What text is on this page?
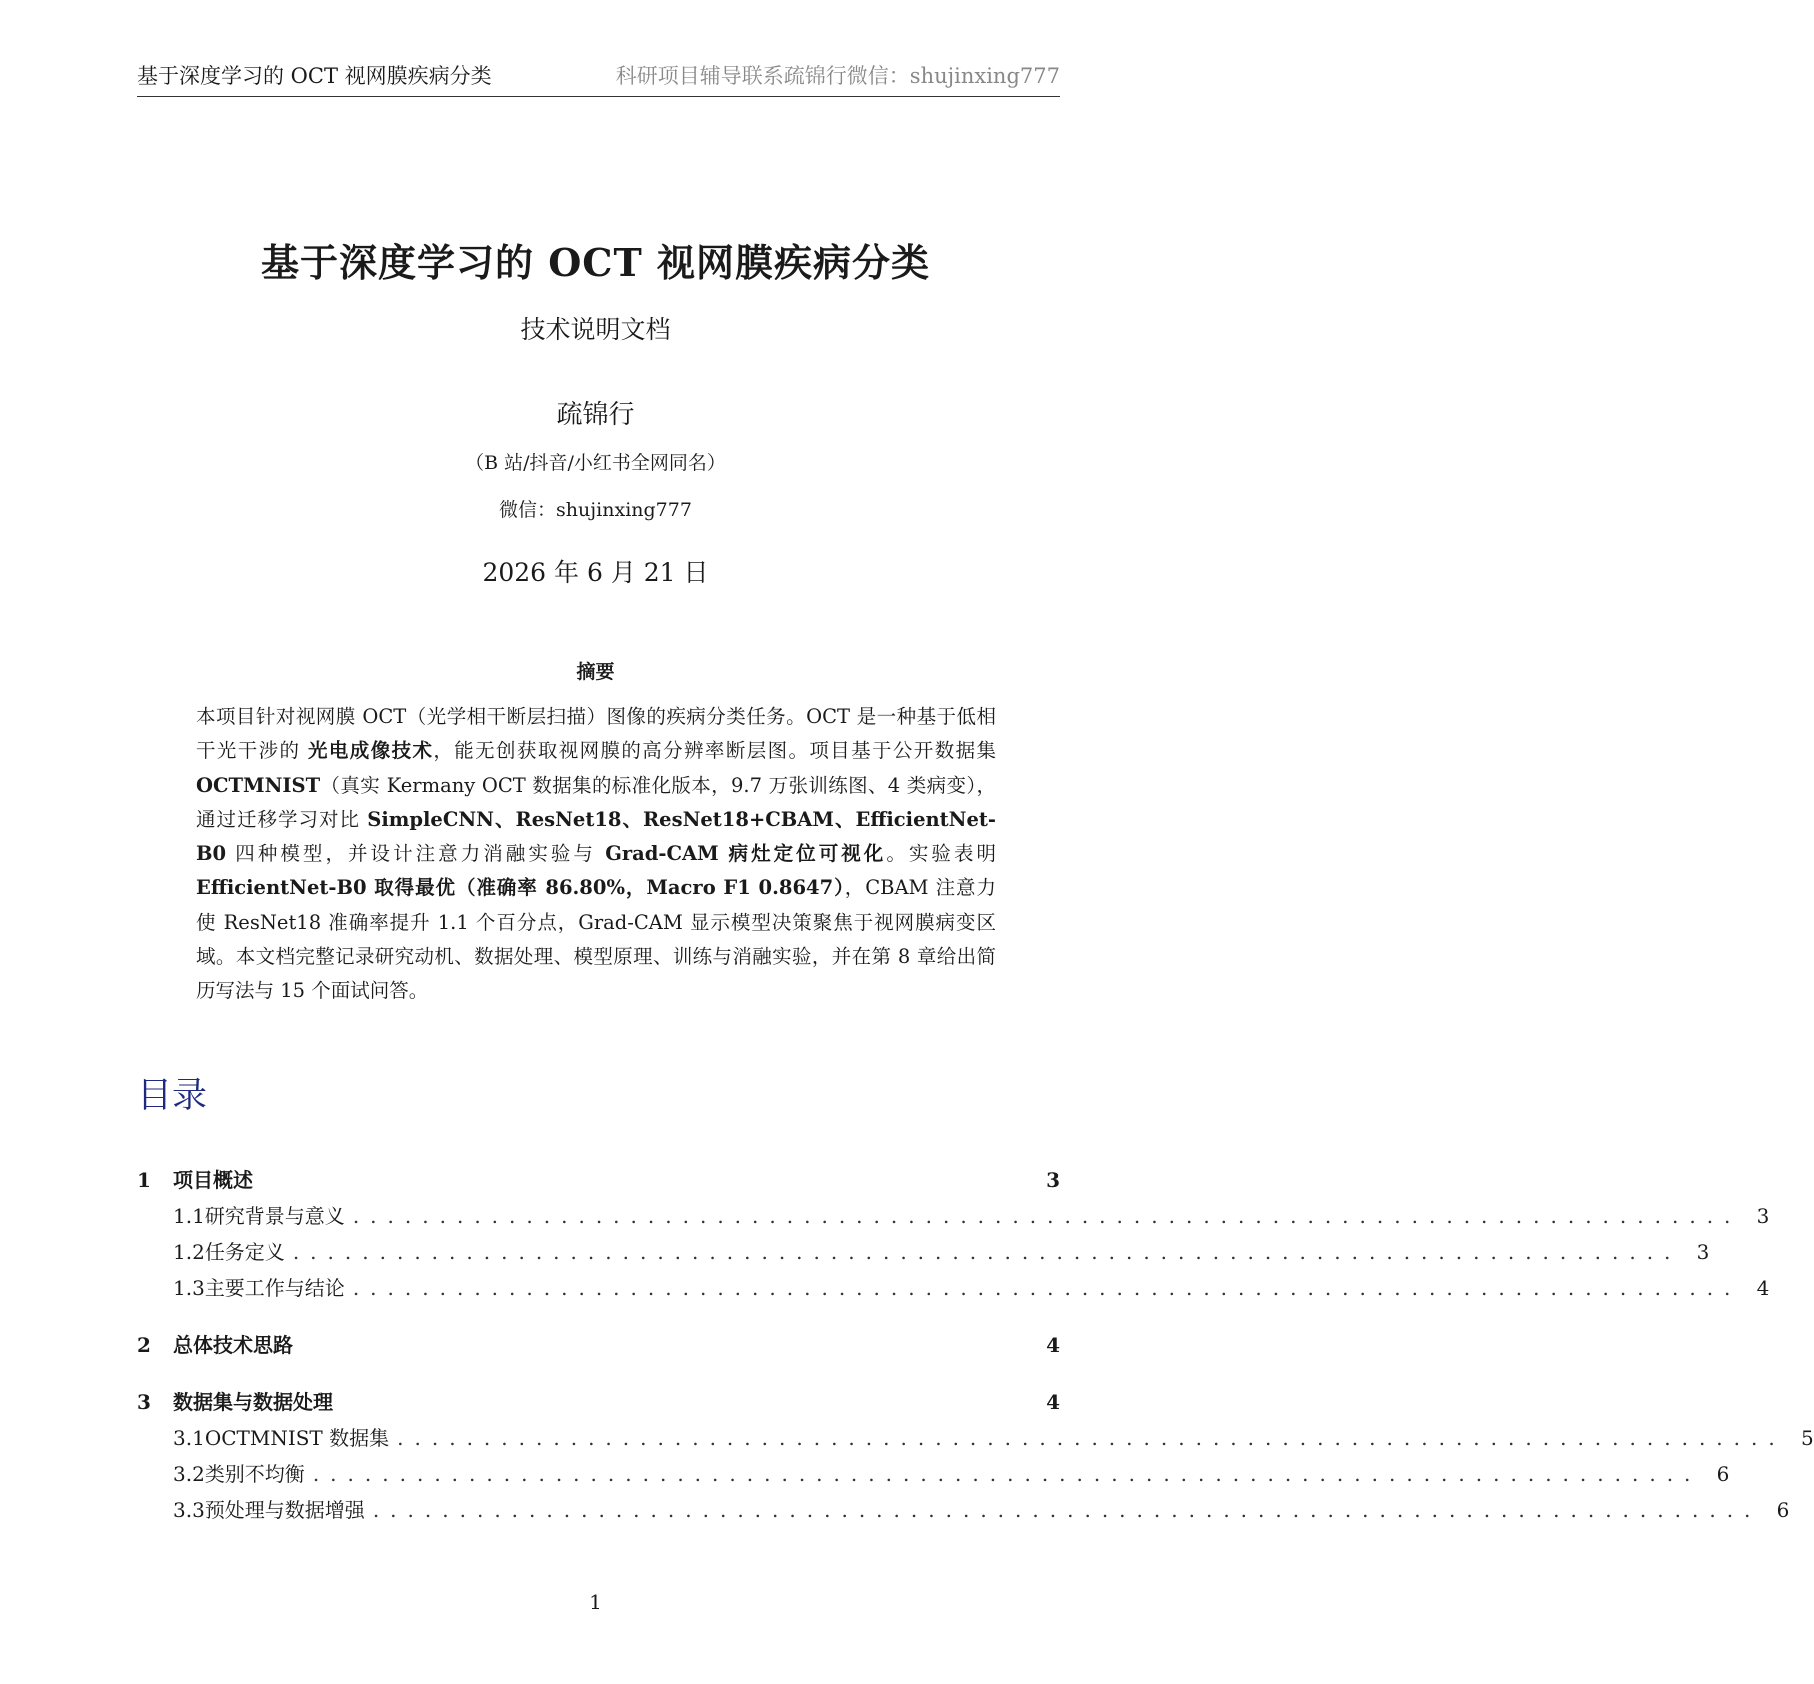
基于深度学习的 OCT 视网膜疾病分类	科研项目辅导联系疏锦行微信：shujinxing777
基于深度学习的 OCT 视网膜疾病分类
技术说明文档
疏锦行
（B 站/抖音/小红书全网同名）
微信：shujinxing777
2026 年 6 月 21 日
摘要

本项目针对视网膜 OCT（光学相干断层扫描）图像的疾病分类任务。OCT 是一种基于低相干光干涉的 光电成像技术，能无创获取视网膜的高分辨率断层图。项目基于公开数据集 OCTMNIST（真实 Kermany OCT 数据集的标准化版本，9.7 万张训练图、4 类病变），通过迁移学习对比 SimpleCNN、ResNet18、ResNet18+CBAM、EfficientNet-B0 四种模型，并设计注意力消融实验与 Grad-CAM 病灶定位可视化。实验表明 EfficientNet-B0 取得最优（准确率 86.80%，Macro F1 0.8647），CBAM 注意力使 ResNet18 准确率提升 1.1 个百分点，Grad-CAM 显示模型决策聚焦于视网膜病变区域。本文档完整记录研究动机、数据处理、模型原理、训练与消融实验，并在第 8 章给出简历写法与 15 个面试问答。

目录
1	项目概述	3
1.1 研究背景与意义 ................................................................................ 3
1.2 任务定义 ................................................................................ 3
1.3 主要工作与结论 ................................................................................ 4
2	总体技术思路	4
3	数据集与数据处理	4
3.1 OCTMNIST 数据集 ................................................................................ 5
3.2 类别不均衡 ................................................................................ 6
3.3 预处理与数据增强 ................................................................................ 6
1
